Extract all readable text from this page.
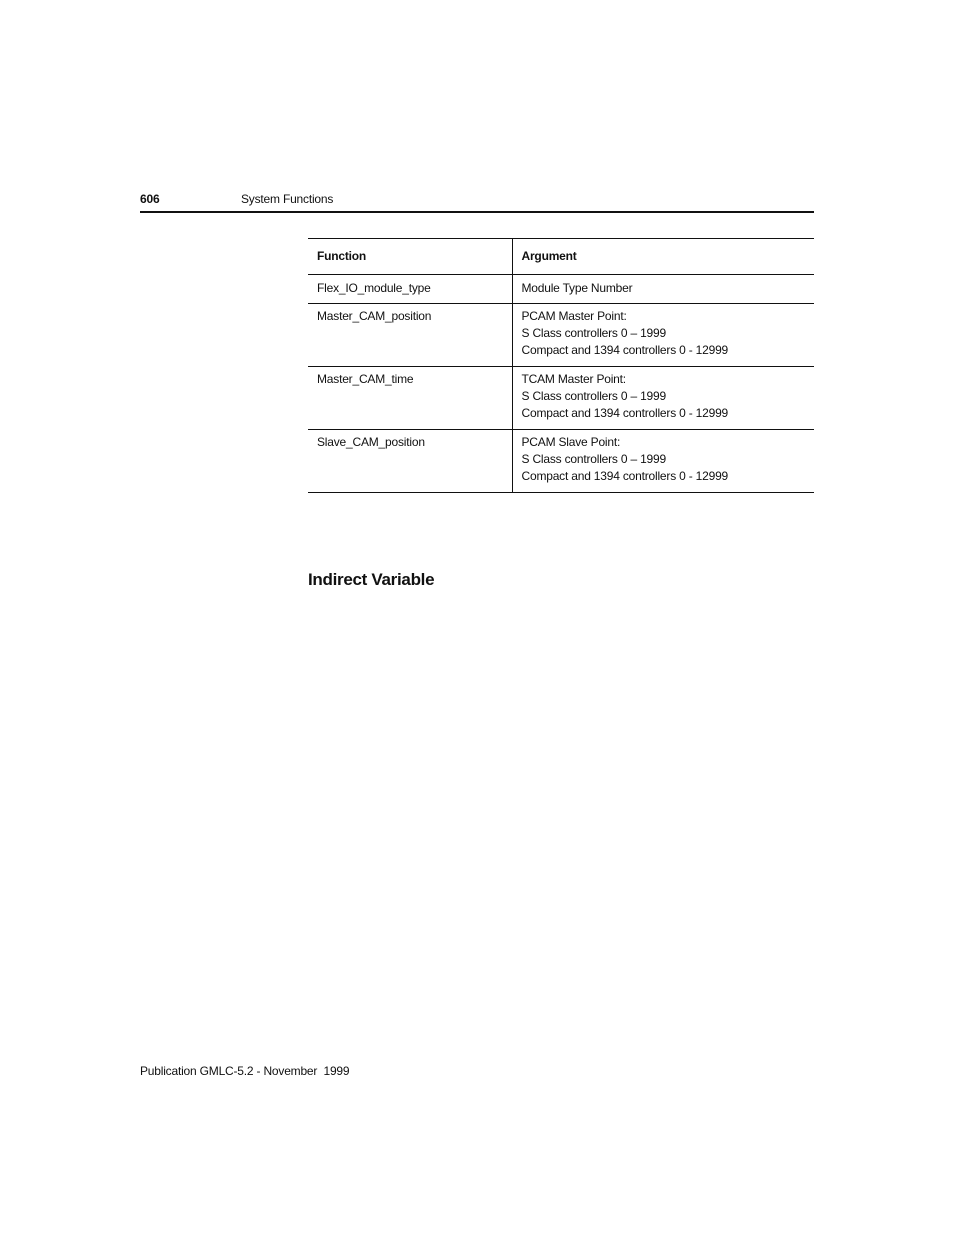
606	System Functions
Function	Argument
Flex_IO_module_type	Module Type Number

Master_CAM_position	PCAM Master Point:
S Class controllers 0 – 1999
Compact and 1394 controllers 0 - 12999

Master_CAM_time	TCAM Master Point:
S Class controllers 0 – 1999
Compact and 1394 controllers 0 - 12999

Slave_CAM_position	PCAM Slave Point:
S Class controllers 0 – 1999
Compact and 1394 controllers 0 - 12999
Indirect Variable
Publication GMLC-5.2 - November  1999
